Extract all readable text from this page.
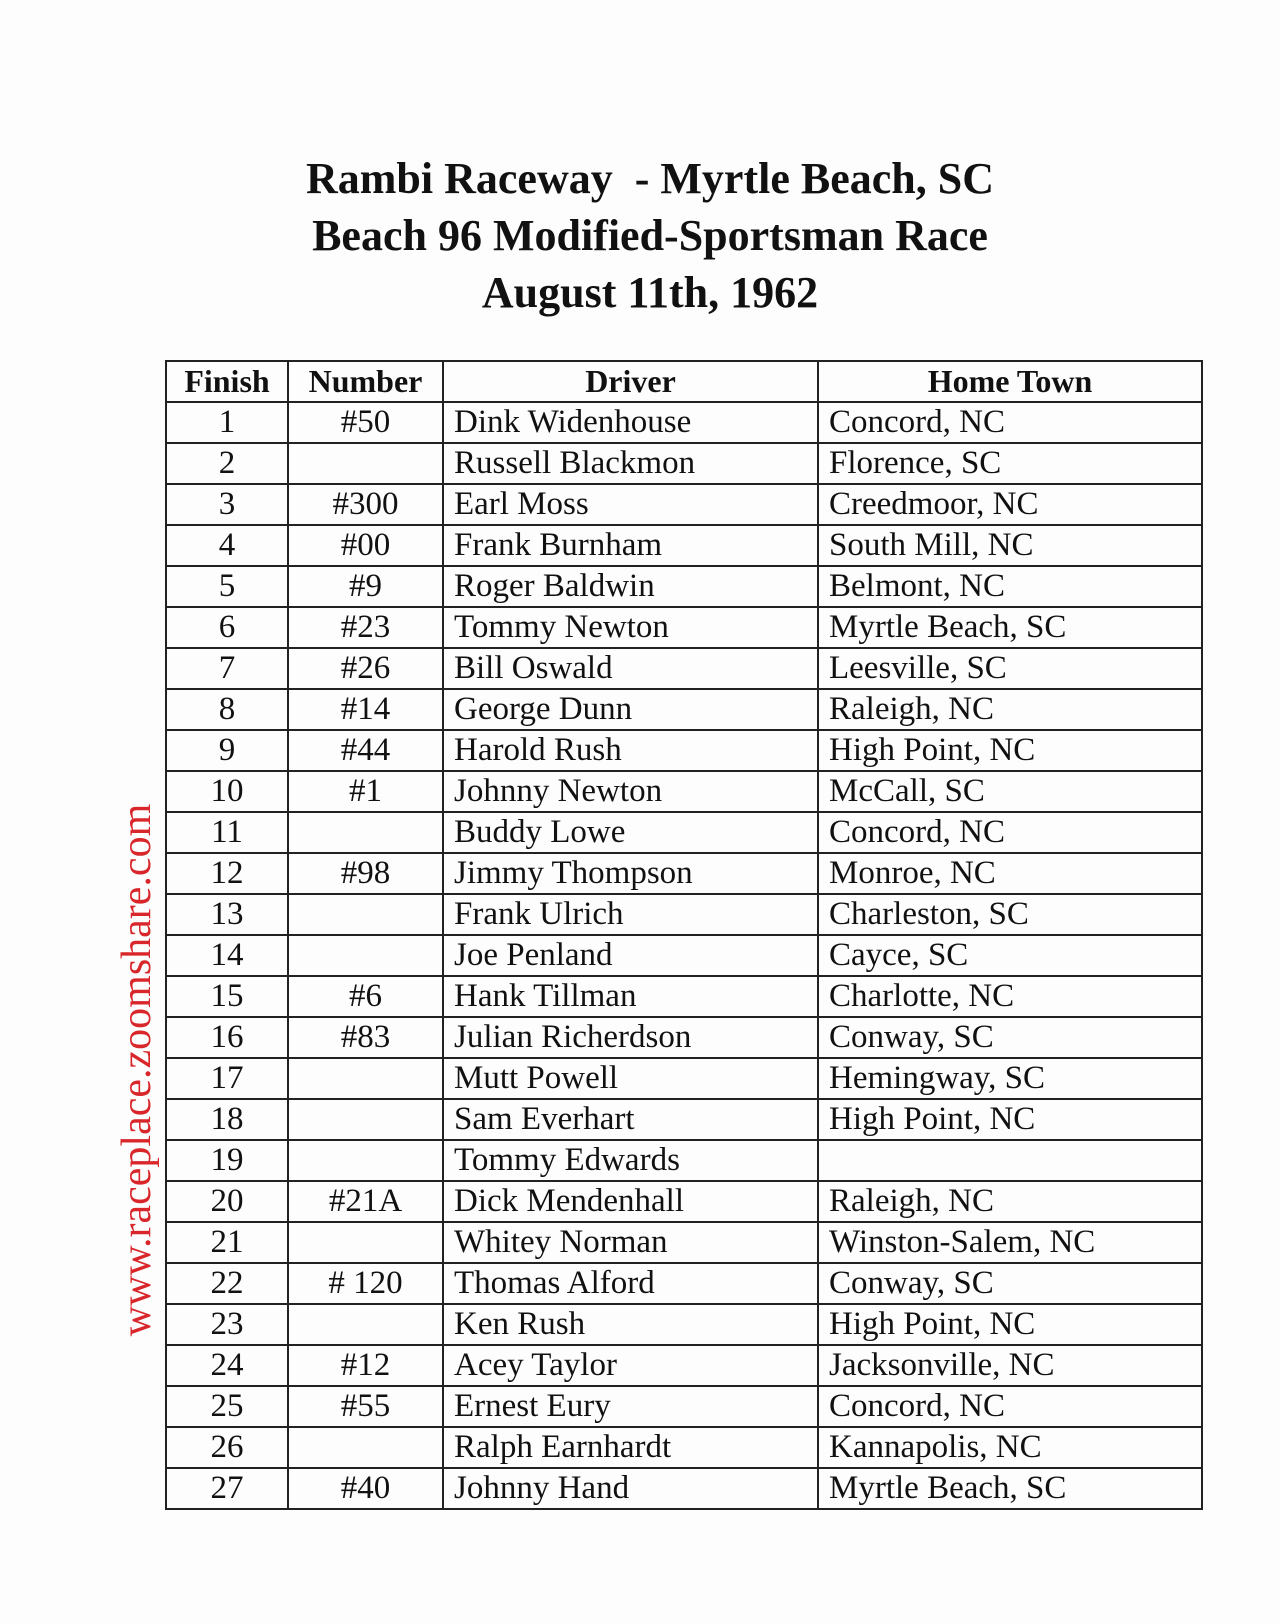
Rambi Raceway  - Myrtle Beach, SC
Beach 96 Modified-Sportsman Race
August 11th, 1962
www.raceplace.zoomshare.com
Finish	Number	Driver	Home Town
1	#50	Dink Widenhouse	Concord, NC
2		Russell Blackmon	Florence, SC
3	#300	Earl Moss	Creedmoor, NC
4	#00	Frank Burnham	South Mill, NC
5	#9	Roger Baldwin	Belmont, NC
6	#23	Tommy Newton	Myrtle Beach, SC
7	#26	Bill Oswald	Leesville, SC
8	#14	George Dunn	Raleigh, NC
9	#44	Harold Rush	High Point, NC
10	#1	Johnny Newton	McCall, SC
11		Buddy Lowe	Concord, NC
12	#98	Jimmy Thompson	Monroe, NC
13		Frank Ulrich	Charleston, SC
14		Joe Penland	Cayce, SC
15	#6	Hank Tillman	Charlotte, NC
16	#83	Julian Richerdson	Conway, SC
17		Mutt Powell	Hemingway, SC
18		Sam Everhart	High Point, NC
19		Tommy Edwards	
20	#21A	Dick Mendenhall	Raleigh, NC
21		Whitey Norman	Winston-Salem, NC
22	# 120	Thomas Alford	Conway, SC
23		Ken Rush	High Point, NC
24	#12	Acey Taylor	Jacksonville, NC
25	#55	Ernest Eury	Concord, NC
26		Ralph Earnhardt	Kannapolis, NC
27	#40	Johnny Hand	Myrtle Beach, SC
